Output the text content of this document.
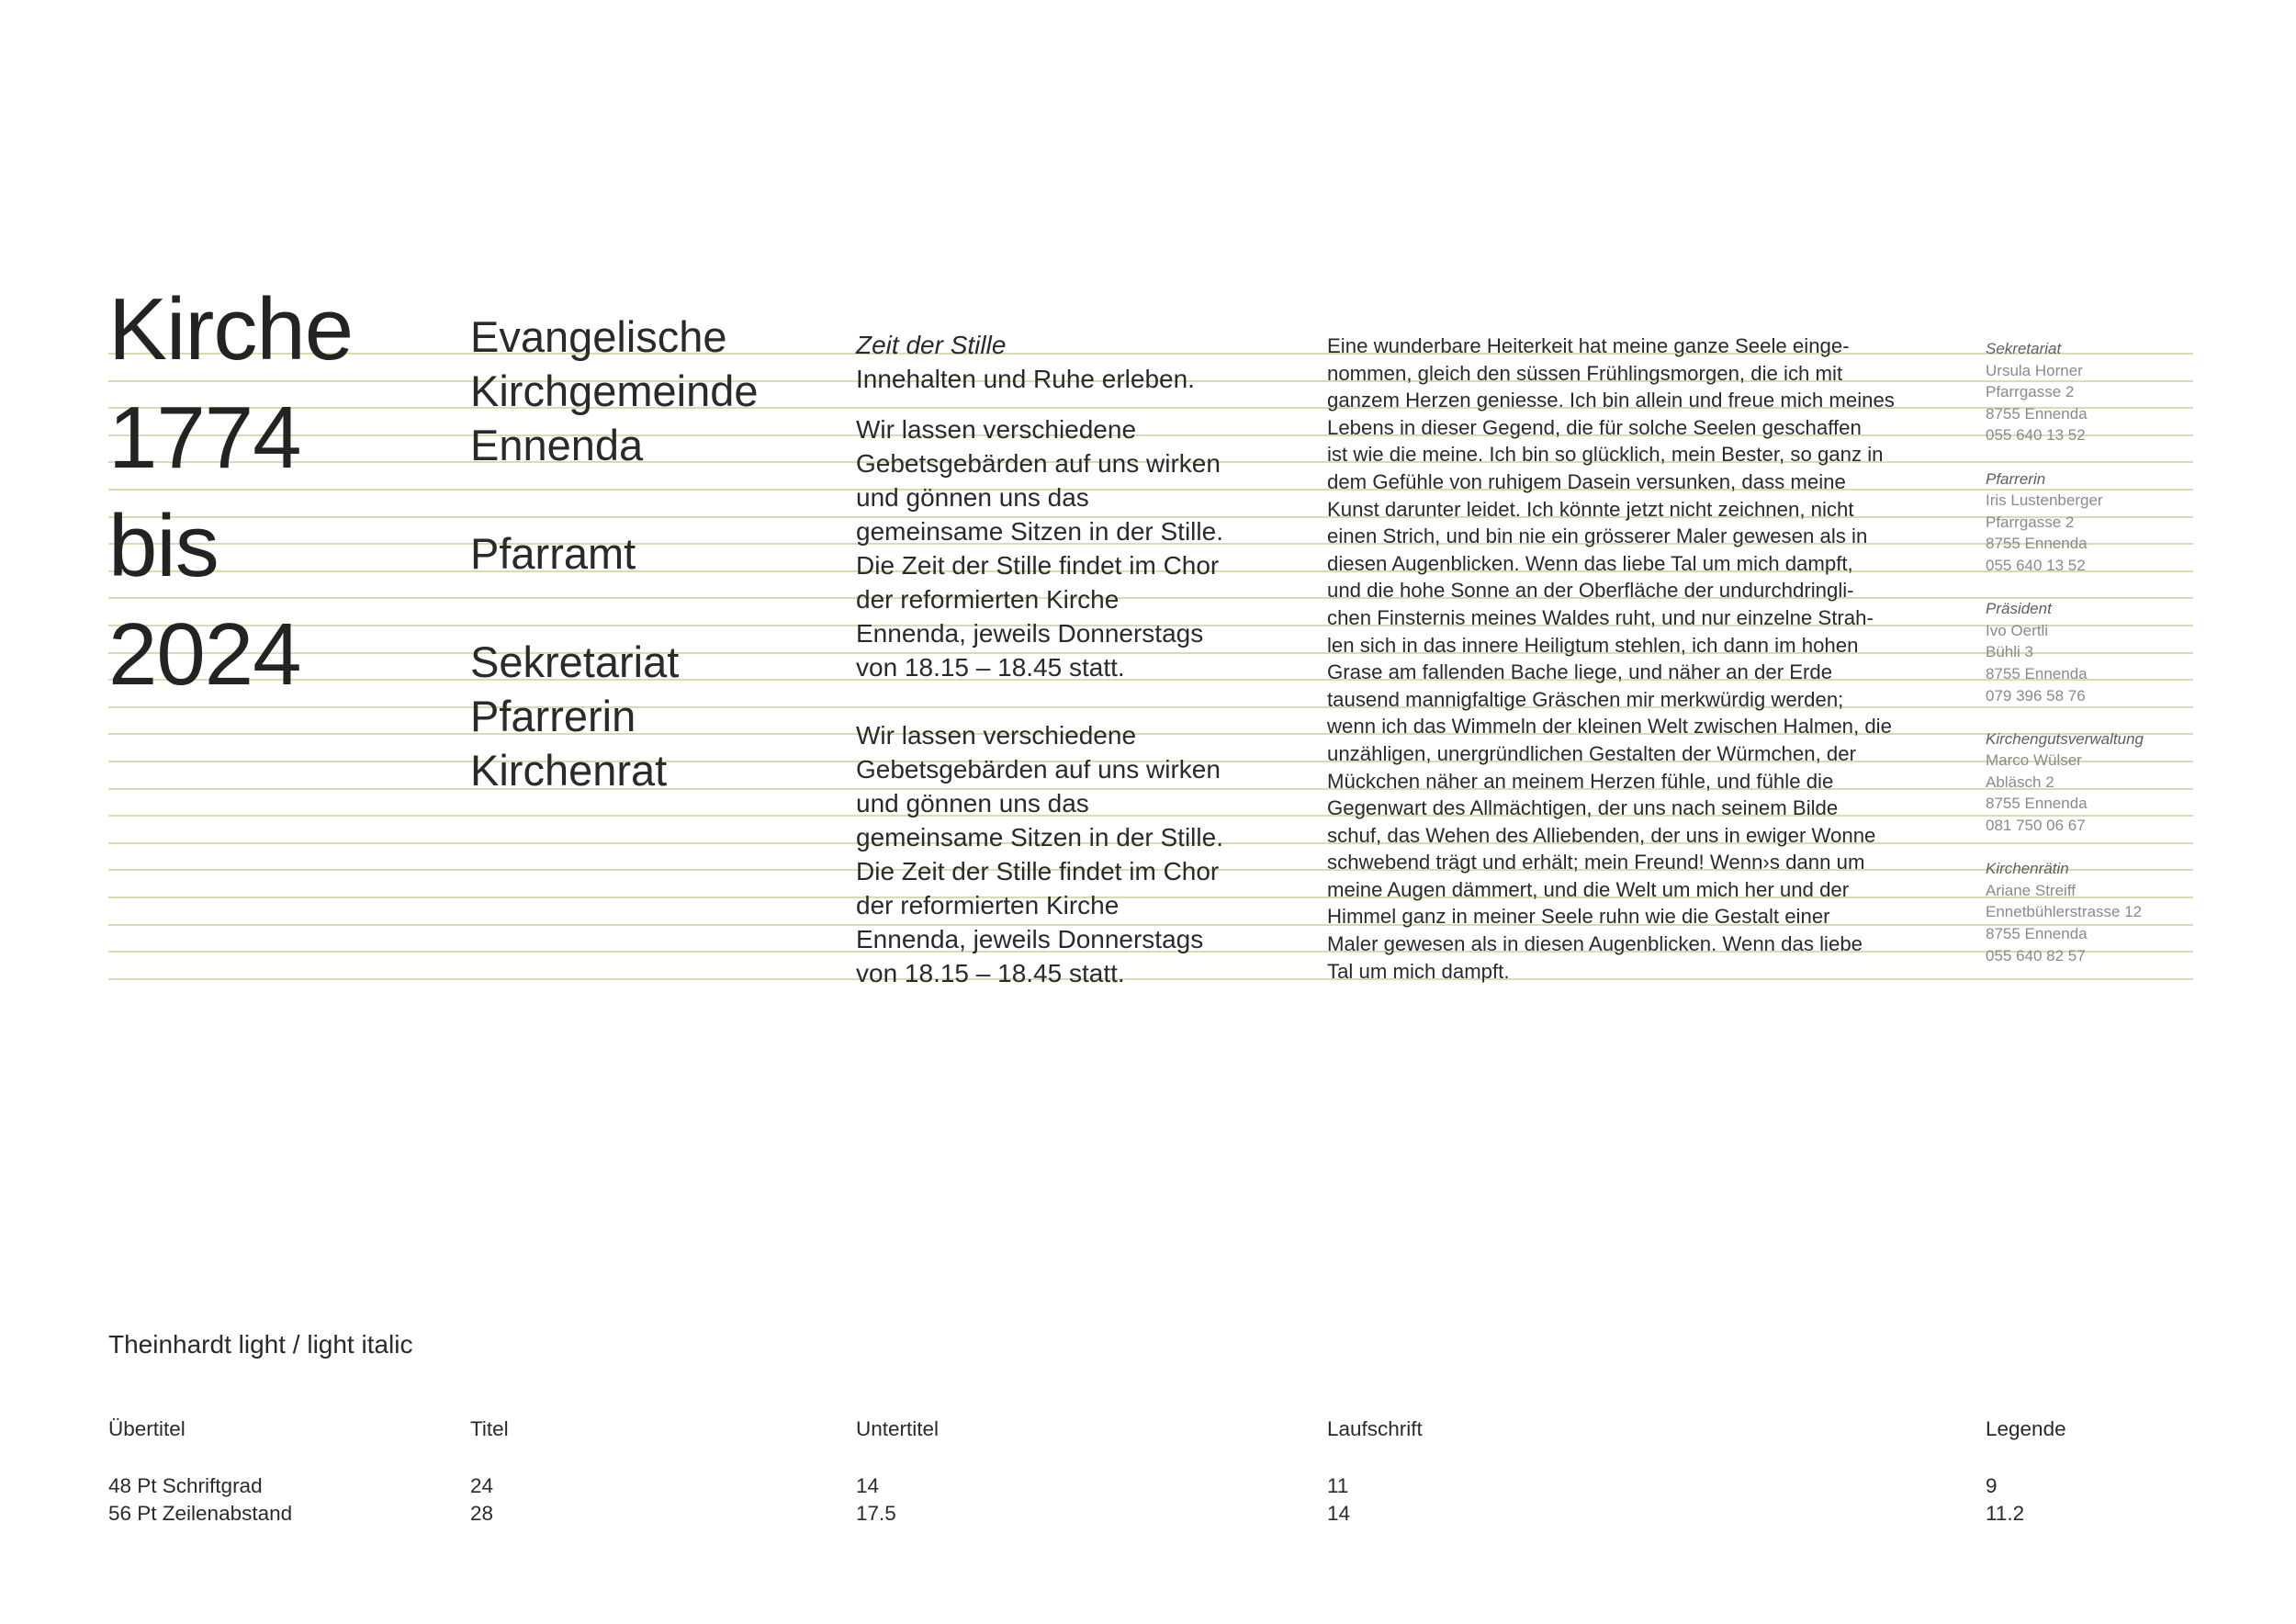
Kirche
1774
bis
2024
Evangelische
Kirchgemeinde
Ennenda
Pfarramt
Sekretariat
Pfarrerin
Kirchenrat
Zeit der Stille
Innehalten und Ruhe erleben.
Wir lassen verschiedene
Gebetsgebärden auf uns wirken
und gönnen uns das
gemeinsame Sitzen in der Stille.
Die Zeit der Stille findet im Chor
der reformierten Kirche
Ennenda, jeweils Donnerstags
von 18.15 – 18.45 statt.
Wir lassen verschiedene
Gebetsgebärden auf uns wirken
und gönnen uns das
gemeinsame Sitzen in der Stille.
Die Zeit der Stille findet im Chor
der reformierten Kirche
Ennenda, jeweils Donnerstags
von 18.15 – 18.45 statt.
Eine wunderbare Heiterkeit hat meine ganze Seele einge-
nommen, gleich den süssen Frühlingsmorgen, die ich mit
ganzem Herzen geniesse. Ich bin allein und freue mich meines
Lebens in dieser Gegend, die für solche Seelen geschaffen
ist wie die meine. Ich bin so glücklich, mein Bester, so ganz in
dem Gefühle von ruhigem Dasein versunken, dass meine
Kunst darunter leidet. Ich könnte jetzt nicht zeichnen, nicht
einen Strich, und bin nie ein grösserer Maler gewesen als in
diesen Augenblicken. Wenn das liebe Tal um mich dampft,
und die hohe Sonne an der Oberfläche der undurchdringli-
chen Finsternis meines Waldes ruht, und nur einzelne Strah-
len sich in das innere Heiligtum stehlen, ich dann im hohen
Grase am fallenden Bache liege, und näher an der Erde
tausend mannigfaltige Gräschen mir merkwürdig werden;
wenn ich das Wimmeln der kleinen Welt zwischen Halmen, die
unzähligen, unergründlichen Gestalten der Würmchen, der
Mückchen näher an meinem Herzen fühle, und fühle die
Gegenwart des Allmächtigen, der uns nach seinem Bilde
schuf, das Wehen des Alliebenden, der uns in ewiger Wonne
schwebend trägt und erhält; mein Freund! Wenn›s dann um
meine Augen dämmert, und die Welt um mich her und der
Himmel ganz in meiner Seele ruhn wie die Gestalt einer
Maler gewesen als in diesen Augenblicken. Wenn das liebe
Tal um mich dampft.
Sekretariat
Ursula Horner
Pfarrgasse 2
8755 Ennenda
055 640 13 52
Pfarrerin
Iris Lustenberger
Pfarrgasse 2
8755 Ennenda
055 640 13 52
Präsident
Ivo Oertli
Bühli 3
8755 Ennenda
079 396 58 76
Kirchengutsverwaltung
Marco Wülser
Abläsch 2
8755 Ennenda
081 750 06 67
Kirchenrätin
Ariane Streiff
Ennetbühlerstrasse 12
8755 Ennenda
055 640 82 57
Theinhardt light / light italic
Übertitel
48 Pt Schriftgrad
56 Pt Zeilenabstand
Titel
24
28
Untertitel
14
17.5
Laufschrift
11
14
Legende
9
11.2
